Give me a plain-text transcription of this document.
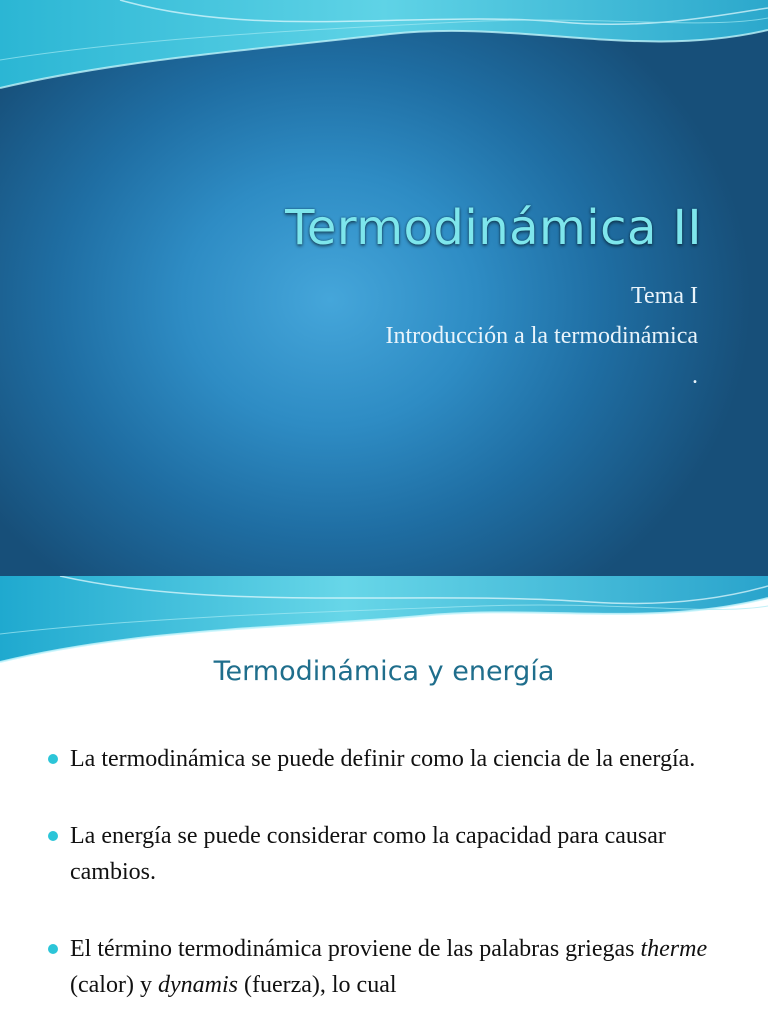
Termodinámica II
Tema I
Introducción a la termodinámica
.
Termodinámica y energía
La termodinámica se puede definir como la ciencia de la energía.
La energía se puede considerar como la capacidad para causar cambios.
El término termodinámica proviene de las palabras griegas therme (calor) y dynamis (fuerza), lo cual
